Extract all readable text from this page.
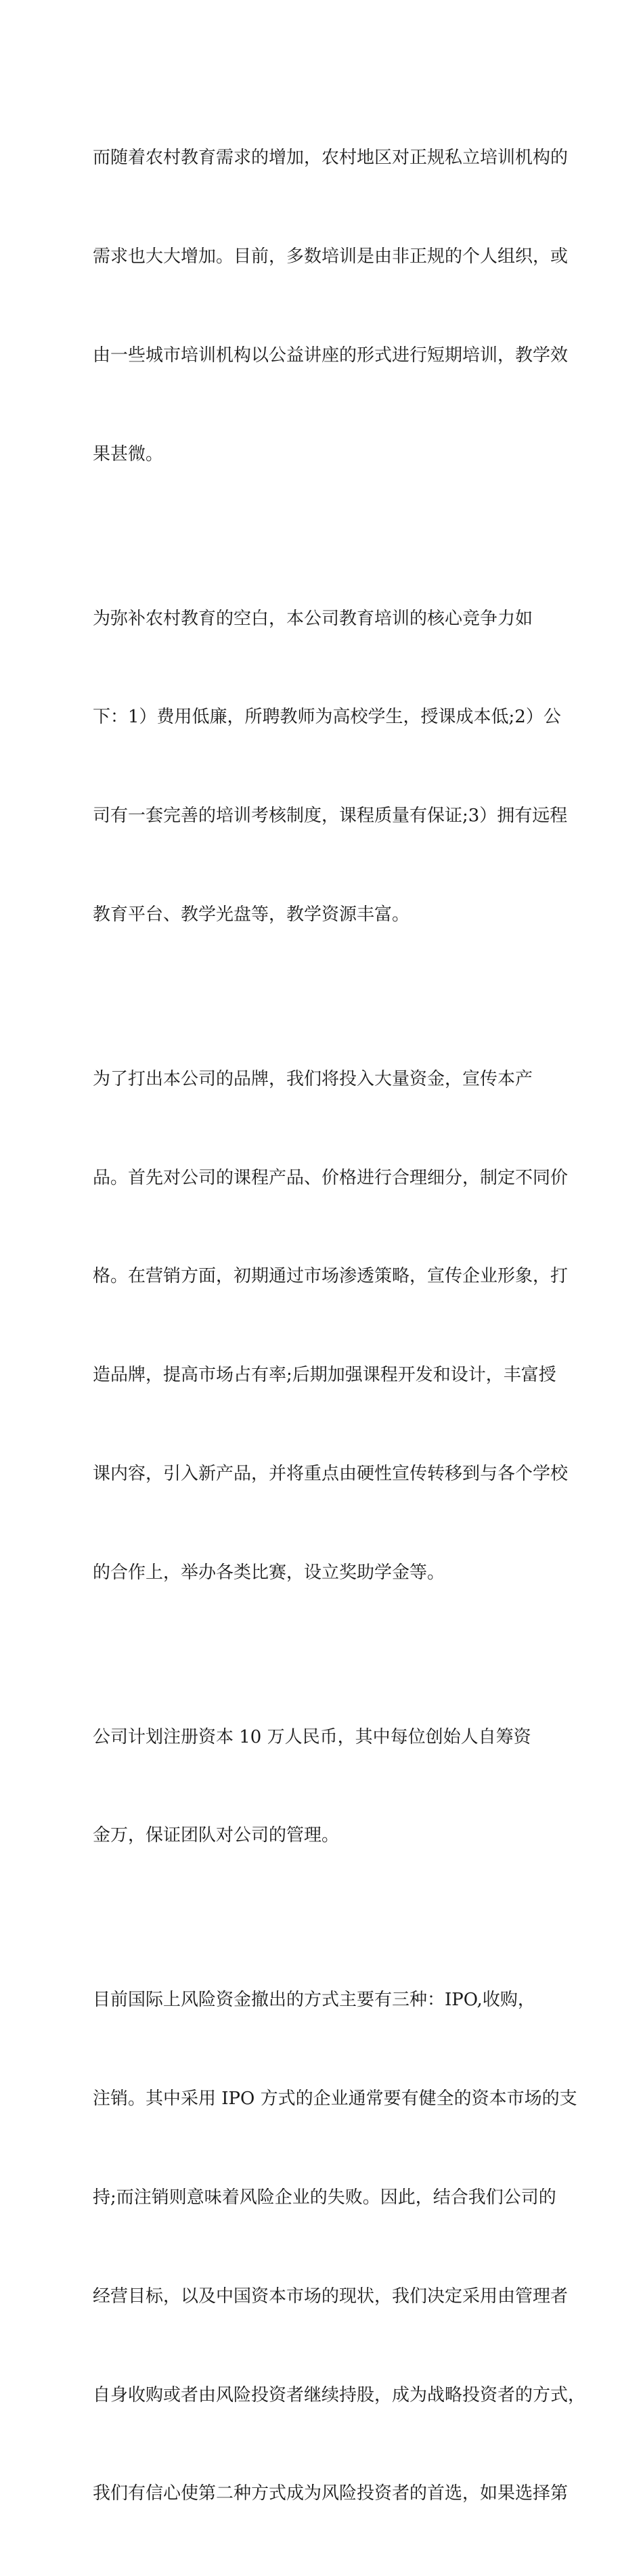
而随着农村教育需求的增加，农村地区对正规私立培训机构的

需求也大大增加。目前，多数培训是由非正规的个人组织，或

由一些城市培训机构以公益讲座的形式进行短期培训，教学效

果甚微。

为弥补农村教育的空白，本公司教育培训的核心竞争力如

下：1）费用低廉，所聘教师为高校学生，授课成本低;2）公

司有一套完善的培训考核制度，课程质量有保证;3）拥有远程

教育平台、教学光盘等，教学资源丰富。

为了打出本公司的品牌，我们将投入大量资金，宣传本产

品。首先对公司的课程产品、价格进行合理细分，制定不同价

格。在营销方面，初期通过市场渗透策略，宣传企业形象，打

造品牌，提高市场占有率;后期加强课程开发和设计，丰富授

课内容，引入新产品，并将重点由硬性宣传转移到与各个学校

的合作上，举办各类比赛，设立奖助学金等。

公司计划注册资本 10 万人民币，其中每位创始人自筹资

金万，保证团队对公司的管理。

目前国际上风险资金撤出的方式主要有三种：IPO,收购，

注销。其中采用 IPO 方式的企业通常要有健全的资本市场的支

持;而注销则意味着风险企业的失败。因此，结合我们公司的

经营目标，以及中国资本市场的现状，我们决定采用由管理者

自身收购或者由风险投资者继续持股，成为战略投资者的方式，

我们有信心使第二种方式成为风险投资者的首选，如果选择第
